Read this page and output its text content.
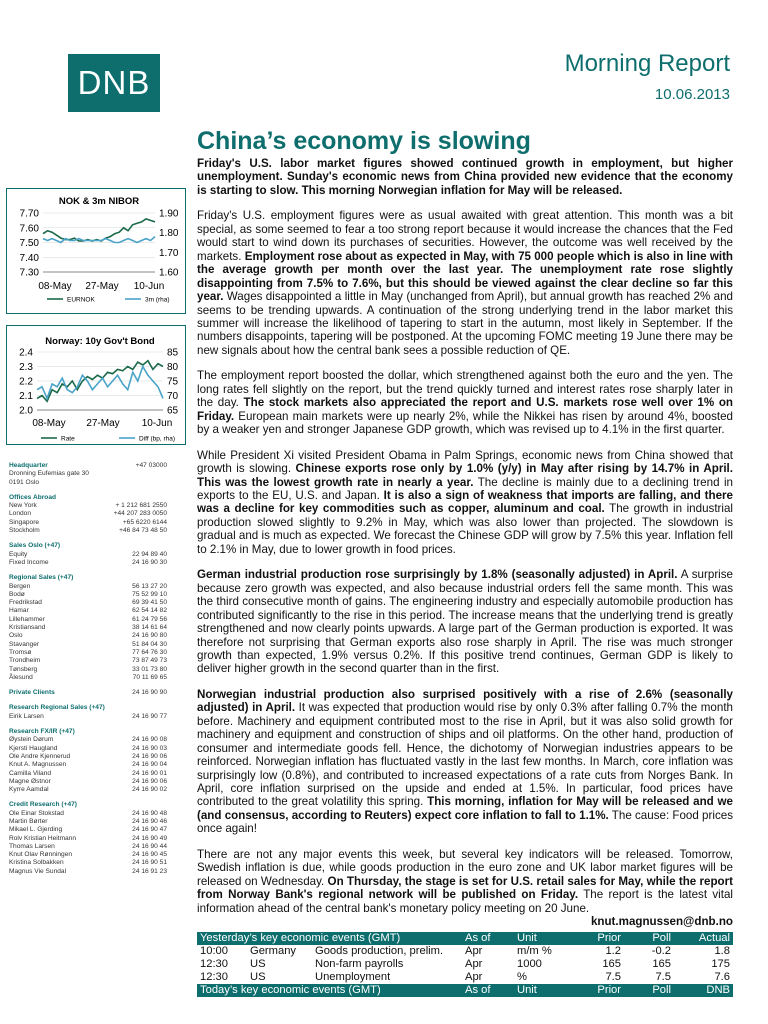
DNB
Morning Report
10.06.2013
China’s economy is slowing
NOK & 3m NIBOR
7.70
7.60
7.50
7.40
7.30
1.90
1.80
1.70
1.60
08-May 27-May 10-Jun
EURNOK	3m (rha)
Norway: 10y Gov't Bond
2.4
2.3
2.2
2.1
2.0
85
80
75
70
65
08-May 27-May 10-Jun
Rate	Diff (bp, rha)
Headquarter	+47 03000
Dronning Eufemias gate 30
0191 Oslo
Offices Abroad
New York	+ 1 212 681 2550
London	+44 207 283 0050
Singapore	+65 6220 6144
Stockholm	+46 84 73 48 50
Sales Oslo (+47)
Equity	22 94 89 40
Fixed Income	24 16 90 30
Regional Sales (+47)
Bergen	56 13 27 20
Bodø	75 52 99 10
Fredrikstad	69 39 41 50
Hamar	62 54 14 82
Lillehammer	61 24 79 56
Kristiansand	38 14 61 64
Oslo	24 16 90 80
Stavanger	51 84 04 30
Tromsø	77 64 76 30
Trondheim	73 87 49 73
Tønsberg	33 01 73 80
Ålesund	70 11 69 65
Private Clients	24 16 90 90
Research Regional Sales (+47)
Eirik Larsen	24 16 90 77
Research FX/IR (+47)
Øystein Dørum	24 16 90 08
Kjersti Haugland	24 16 90 03
Ole Andre Kjennerud	24 16 90 06
Knut A. Magnussen	24 16 90 04
Camilla Viland	24 16 90 01
Magne Østnor	24 16 90 06
Kyrre Aamdal	24 16 90 02
Credit Research (+47)
Ole Einar Stokstad	24 16 90 48
Martin Børter	24 16 90 46
Mikael L. Gjerding	24 16 90 47
Rolv Kristian Heitmann	24 16 90 49
Thomas Larsen	24 16 90 44
Knut Olav Rønningen	24 16 90 45
Kristina Solbakken	24 16 90 51
Magnus Vie Sundal	24 16 91 23

Friday's U.S. labor market figures showed continued growth in employment, but higher unemployment. Sunday's economic news from China provided new evidence that the economy is starting to slow. This morning Norwegian inflation for May will be released.

Friday's U.S. employment figures were as usual awaited with great attention. This month was a bit special, as some seemed to fear a too strong report because it would increase the chances that the Fed would start to wind down its purchases of securities. However, the outcome was well received by the markets. Employment rose about as expected in May, with 75 000 people which is also in line with the average growth per month over the last year. The unemployment rate rose slightly disappointing from 7.5% to 7.6%, but this should be viewed against the clear decline so far this year. Wages disappointed a little in May (unchanged from April), but annual growth has reached 2% and seems to be trending upwards. A continuation of the strong underlying trend in the labor market this summer will increase the likelihood of tapering to start in the autumn, most likely in September. If the numbers disappoints, tapering will be postponed. At the upcoming FOMC meeting 19 June there may be new signals about how the central bank sees a possible reduction of QE.

The employment report boosted the dollar, which strengthened against both the euro and the yen. The long rates fell slightly on the report, but the trend quickly turned and interest rates rose sharply later in the day. The stock markets also appreciated the report and U.S. markets rose well over 1% on Friday. European main markets were up nearly 2%, while the Nikkei has risen by around 4%, boosted by a weaker yen and stronger Japanese GDP growth, which was revised up to 4.1% in the first quarter.

While President Xi visited President Obama in Palm Springs, economic news from China showed that growth is slowing. Chinese exports rose only by 1.0% (y/y) in May after rising by 14.7% in April. This was the lowest growth rate in nearly a year. The decline is mainly due to a declining trend in exports to the EU, U.S. and Japan. It is also a sign of weakness that imports are falling, and there was a decline for key commodities such as copper, aluminum and coal. The growth in industrial production slowed slightly to 9.2% in May, which was also lower than projected. The slowdown is gradual and is much as expected. We forecast the Chinese GDP will grow by 7.5% this year. Inflation fell to 2.1% in May, due to lower growth in food prices.

German industrial production rose surprisingly by 1.8% (seasonally adjusted) in April. A surprise because zero growth was expected, and also because industrial orders fell the same month. This was the third consecutive month of gains. The engineering industry and especially automobile production has contributed significantly to the rise in this period. The increase means that the underlying trend is greatly strengthened and now clearly points upwards. A large part of the German production is exported. It was therefore not surprising that German exports also rose sharply in April. The rise was much stronger growth than expected, 1.9% versus 0.2%. If this positive trend continues, German GDP is likely to deliver higher growth in the second quarter than in the first.

Norwegian industrial production also surprised positively with a rise of 2.6% (seasonally adjusted) in April. It was expected that production would rise by only 0.3% after falling 0.7% the month before. Machinery and equipment contributed most to the rise in April, but it was also solid growth for machinery and equipment and construction of ships and oil platforms. On the other hand, production of consumer and intermediate goods fell. Hence, the dichotomy of Norwegian industries appears to be reinforced. Norwegian inflation has fluctuated vastly in the last few months. In March, core inflation was surprisingly low (0.8%), and contributed to increased expectations of a rate cuts from Norges Bank. In April, core inflation surprised on the upside and ended at 1.5%. In particular, food prices have contributed to the great volatility this spring. This morning, inflation for May will be released and we (and consensus, according to Reuters) expect core inflation to fall to 1.1%. The cause: Food prices once again!

There are not any major events this week, but several key indicators will be released. Tomorrow, Swedish inflation is due, while goods production in the euro zone and UK labor market figures will be released on Wednesday. On Thursday, the stage is set for U.S. retail sales for May, while the report from Norway Bank's regional network will be published on Friday. The report is the latest vital information ahead of the central bank's monetary policy meeting on 20 June.

knut.magnussen@dnb.no
Yesterday’s key economic events (GMT)			As of	Unit	Prior	Poll	Actual
10:00	Germany	Goods production, prelim.	Apr	m/m %	1.2	-0.2	1.8
12:30	US	Non-farm payrolls	Apr	1000	165	165	175
12:30	US	Unemployment	Apr	%	7.5	7.5	7.6
Today’s key economic events (GMT)			As of	Unit	Prior	Poll	DNB
